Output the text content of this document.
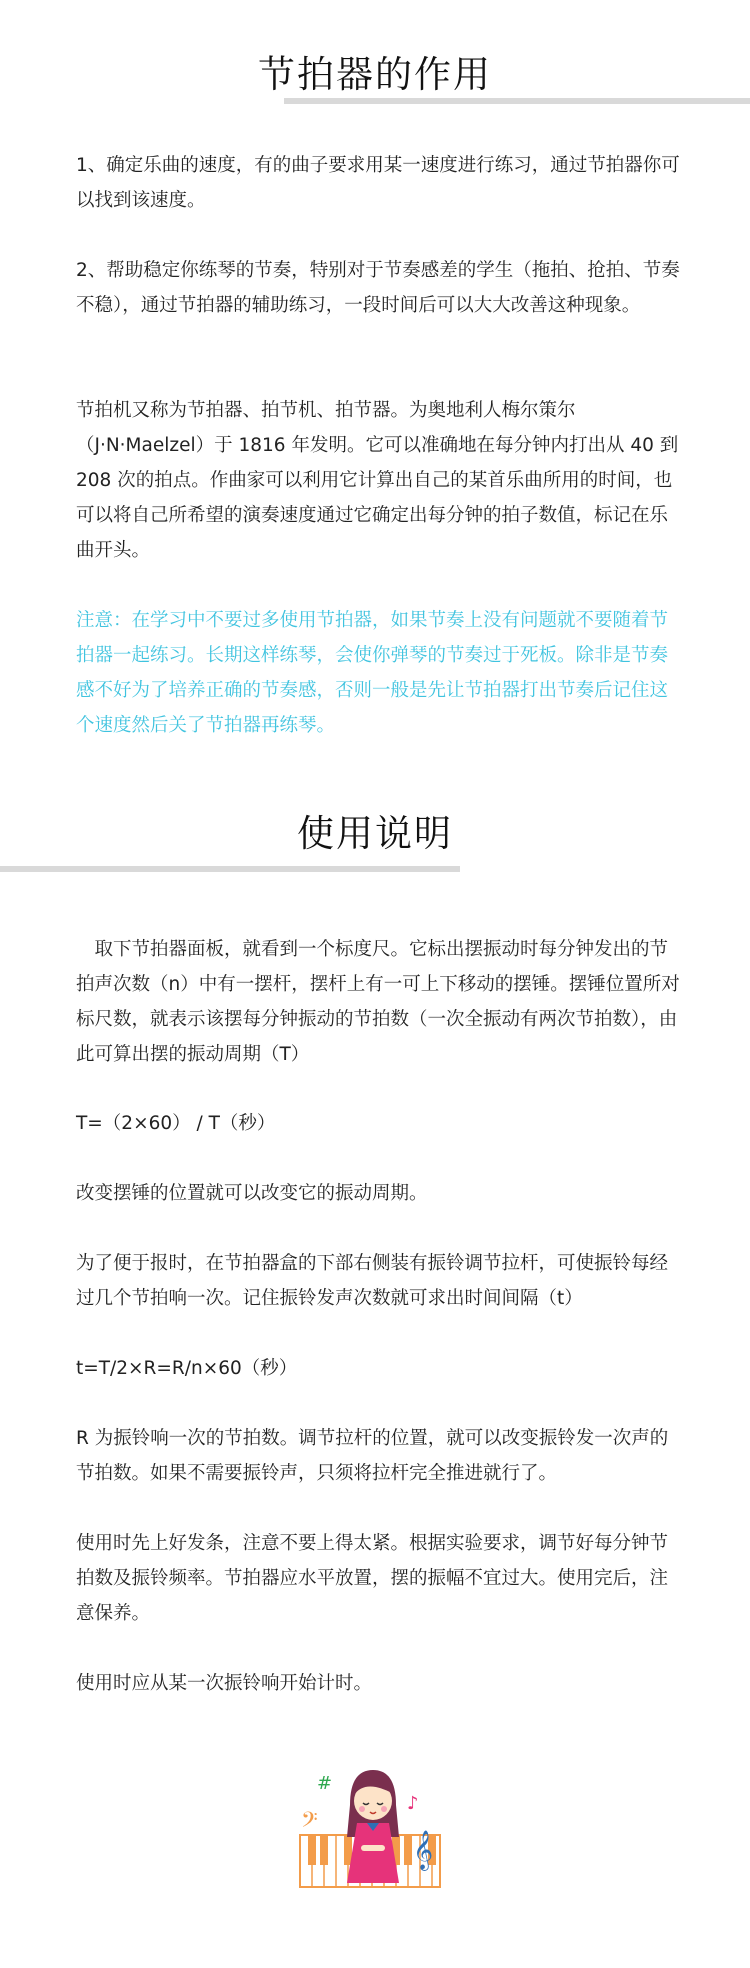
节拍器的作用

1、确定乐曲的速度，有的曲子要求用某一速度进行练习，通过节拍器你可以找到该速度。

2、帮助稳定你练琴的节奏，特别对于节奏感差的学生（拖拍、抢拍、节奏不稳），通过节拍器的辅助练习，一段时间后可以大大改善这种现象。

节拍机又称为节拍器、拍节机、拍节器。为奥地利人梅尔策尔（J·N·Maelzel）于 1816 年发明。它可以准确地在每分钟内打出从 40 到 208 次的拍点。作曲家可以利用它计算出自己的某首乐曲所用的时间，也可以将自己所希望的演奏速度通过它确定出每分钟的拍子数值，标记在乐曲开头。

注意：在学习中不要过多使用节拍器，如果节奏上没有问题就不要随着节拍器一起练习。长期这样练琴，会使你弹琴的节奏过于死板。除非是节奏感不好为了培养正确的节奏感，否则一般是先让节拍器打出节奏后记住这个速度然后关了节拍器再练琴。

使用说明

　取下节拍器面板，就看到一个标度尺。它标出摆振动时每分钟发出的节拍声次数（n）中有一摆杆，摆杆上有一可上下移动的摆锤。摆锤位置所对标尺数，就表示该摆每分钟振动的节拍数（一次全振动有两次节拍数），由此可算出摆的振动周期（T）

T=（2×60） / T（秒）

改变摆锤的位置就可以改变它的振动周期。

为了便于报时，在节拍器盒的下部右侧装有振铃调节拉杆，可使振铃每经过几个节拍响一次。记住振铃发声次数就可求出时间间隔（t）

t=T/2×R=R/n×60（秒）

R 为振铃响一次的节拍数。调节拉杆的位置，就可以改变振铃发一次声的节拍数。如果不需要振铃声，只须将拉杆完全推进就行了。

使用时先上好发条，注意不要上得太紧。根据实验要求，调节好每分钟节拍数及振铃频率。节拍器应水平放置，摆的振幅不宜过大。使用完后，注意保养。

使用时应从某一次振铃响开始计时。

#
𝄢
♪
𝄞
